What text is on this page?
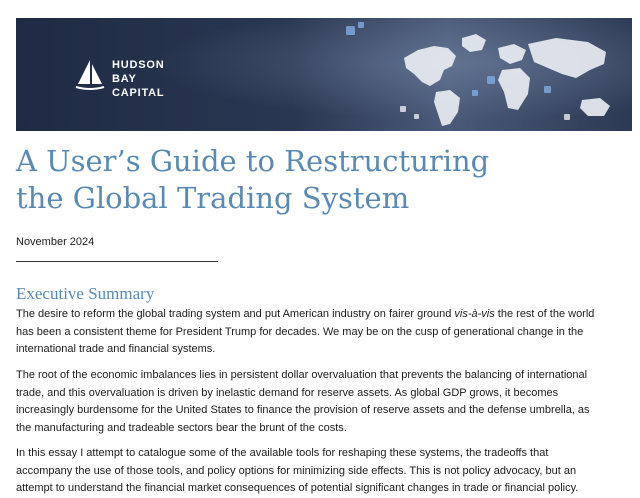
HUDSON
BAY
CAPITAL
A User’s Guide to Restructuring
the Global Trading System
November 2024
Executive Summary

The desire to reform the global trading system and put American industry on fairer ground vis-à-vis the rest of the world
has been a consistent theme for President Trump for decades. We may be on the cusp of generational change in the
international trade and financial systems.

The root of the economic imbalances lies in persistent dollar overvaluation that prevents the balancing of international
trade, and this overvaluation is driven by inelastic demand for reserve assets. As global GDP grows, it becomes
increasingly burdensome for the United States to finance the provision of reserve assets and the defense umbrella, as
the manufacturing and tradeable sectors bear the brunt of the costs.

In this essay I attempt to catalogue some of the available tools for reshaping these systems, the tradeoffs that
accompany the use of those tools, and policy options for minimizing side effects. This is not policy advocacy, but an
attempt to understand the financial market consequences of potential significant changes in trade or financial policy.
